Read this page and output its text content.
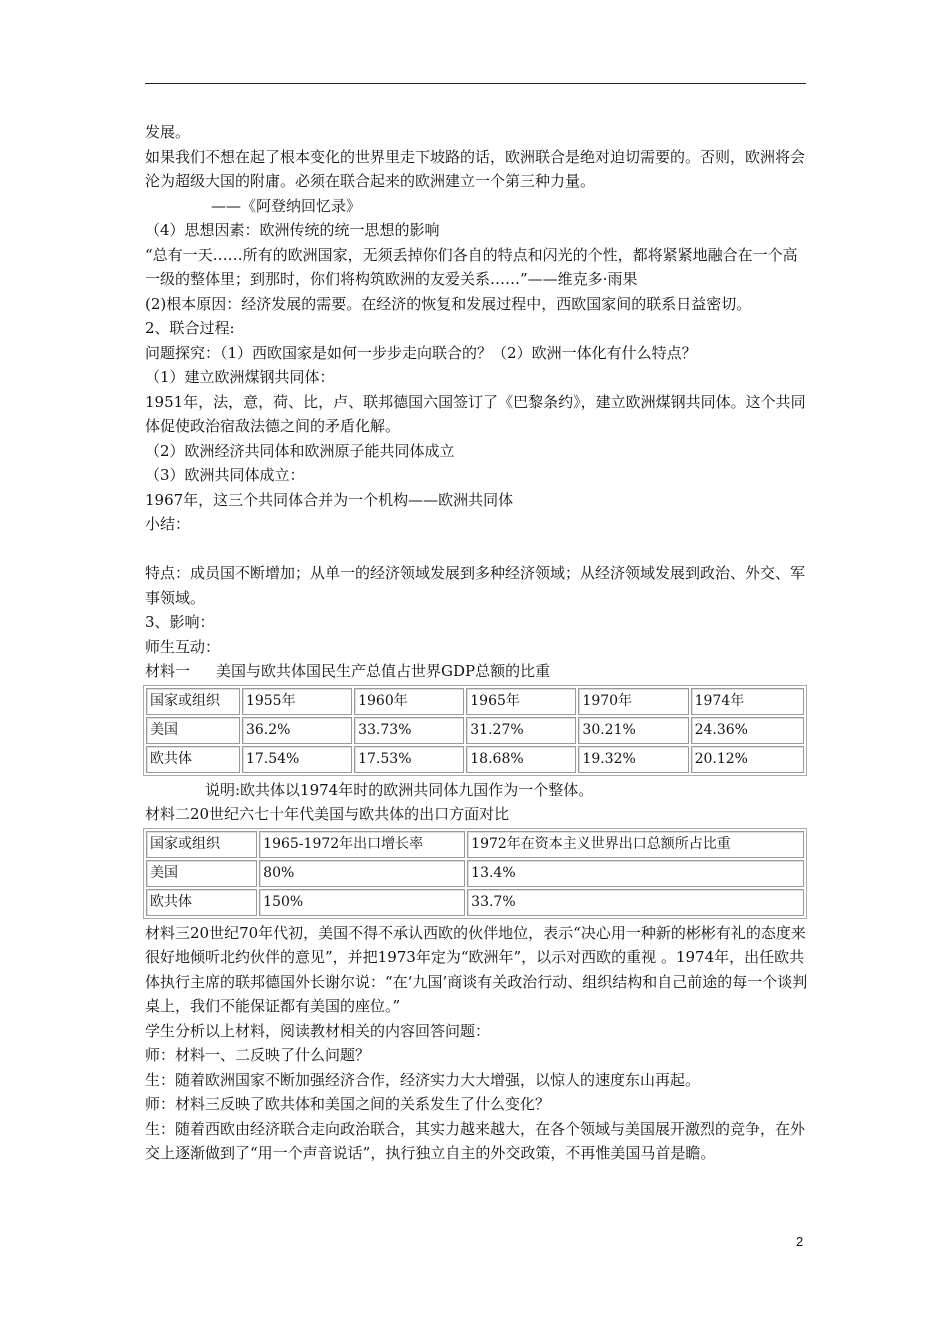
发展。

如果我们不想在起了根本变化的世界里走下坡路的话，欧洲联合是绝对迫切需要的。否则，欧洲将会沦为超级大国的附庸。必须在联合起来的欧洲建立一个第三种力量。

——《阿登纳回忆录》

（4）思想因素：欧洲传统的统一思想的影响

“总有一天……所有的欧洲国家，无须丢掉你们各自的特点和闪光的个性，都将紧紧地融合在一个高一级的整体里；到那时，你们将构筑欧洲的友爱关系……”——维克多·雨果

(2)根本原因：经济发展的需要。在经济的恢复和发展过程中，西欧国家间的联系日益密切。

2、联合过程:

问题探究：（1）西欧国家是如何一步步走向联合的？（2）欧洲一体化有什么特点？

（1）建立欧洲煤钢共同体：

1951年，法，意，荷、比，卢、联邦德国六国签订了《巴黎条约》，建立欧洲煤钢共同体。这个共同体促使政治宿敌法德之间的矛盾化解。

（2）欧洲经济共同体和欧洲原子能共同体成立

（3）欧洲共同体成立：

1967年，这三个共同体合并为一个机构——欧洲共同体

小结：

特点：成员国不断增加；从单一的经济领域发展到多种经济领域；从经济领域发展到政治、外交、军事领域。

3、影响：

师生互动：

材料一 美国与欧共体国民生产总值占世界GDP总额的比重

国家或组织	1955年	1960年	1965年	1970年	1974年
美国	36.2%	33.73%	31.27%	30.21%	24.36%
欧共体	17.54%	17.53%	18.68%	19.32%	20.12%

说明:欧共体以1974年时的欧洲共同体九国作为一个整体。

材料二20世纪六七十年代美国与欧共体的出口方面对比

国家或组织	1965-1972年出口增长率	1972年在资本主义世界出口总额所占比重
美国	80%	13.4%
欧共体	150%	33.7%

材料三20世纪70年代初，美国不得不承认西欧的伙伴地位，表示“决心用一种新的彬彬有礼的态度来很好地倾听北约伙伴的意见”，并把1973年定为“欧洲年”，以示对西欧的重视 。1974年，出任欧共体执行主席的联邦德国外长谢尔说：“在‘九国’商谈有关政治行动、组织结构和自己前途的每一个谈判桌上，我们不能保证都有美国的座位。”

学生分析以上材料，阅读教材相关的内容回答问题：

师：材料一、二反映了什么问题？

生：随着欧洲国家不断加强经济合作，经济实力大大增强，以惊人的速度东山再起。

师：材料三反映了欧共体和美国之间的关系发生了什么变化？

生：随着西欧由经济联合走向政治联合，其实力越来越大，在各个领域与美国展开激烈的竞争，在外交上逐渐做到了“用一个声音说话”，执行独立自主的外交政策，不再惟美国马首是瞻。

2
